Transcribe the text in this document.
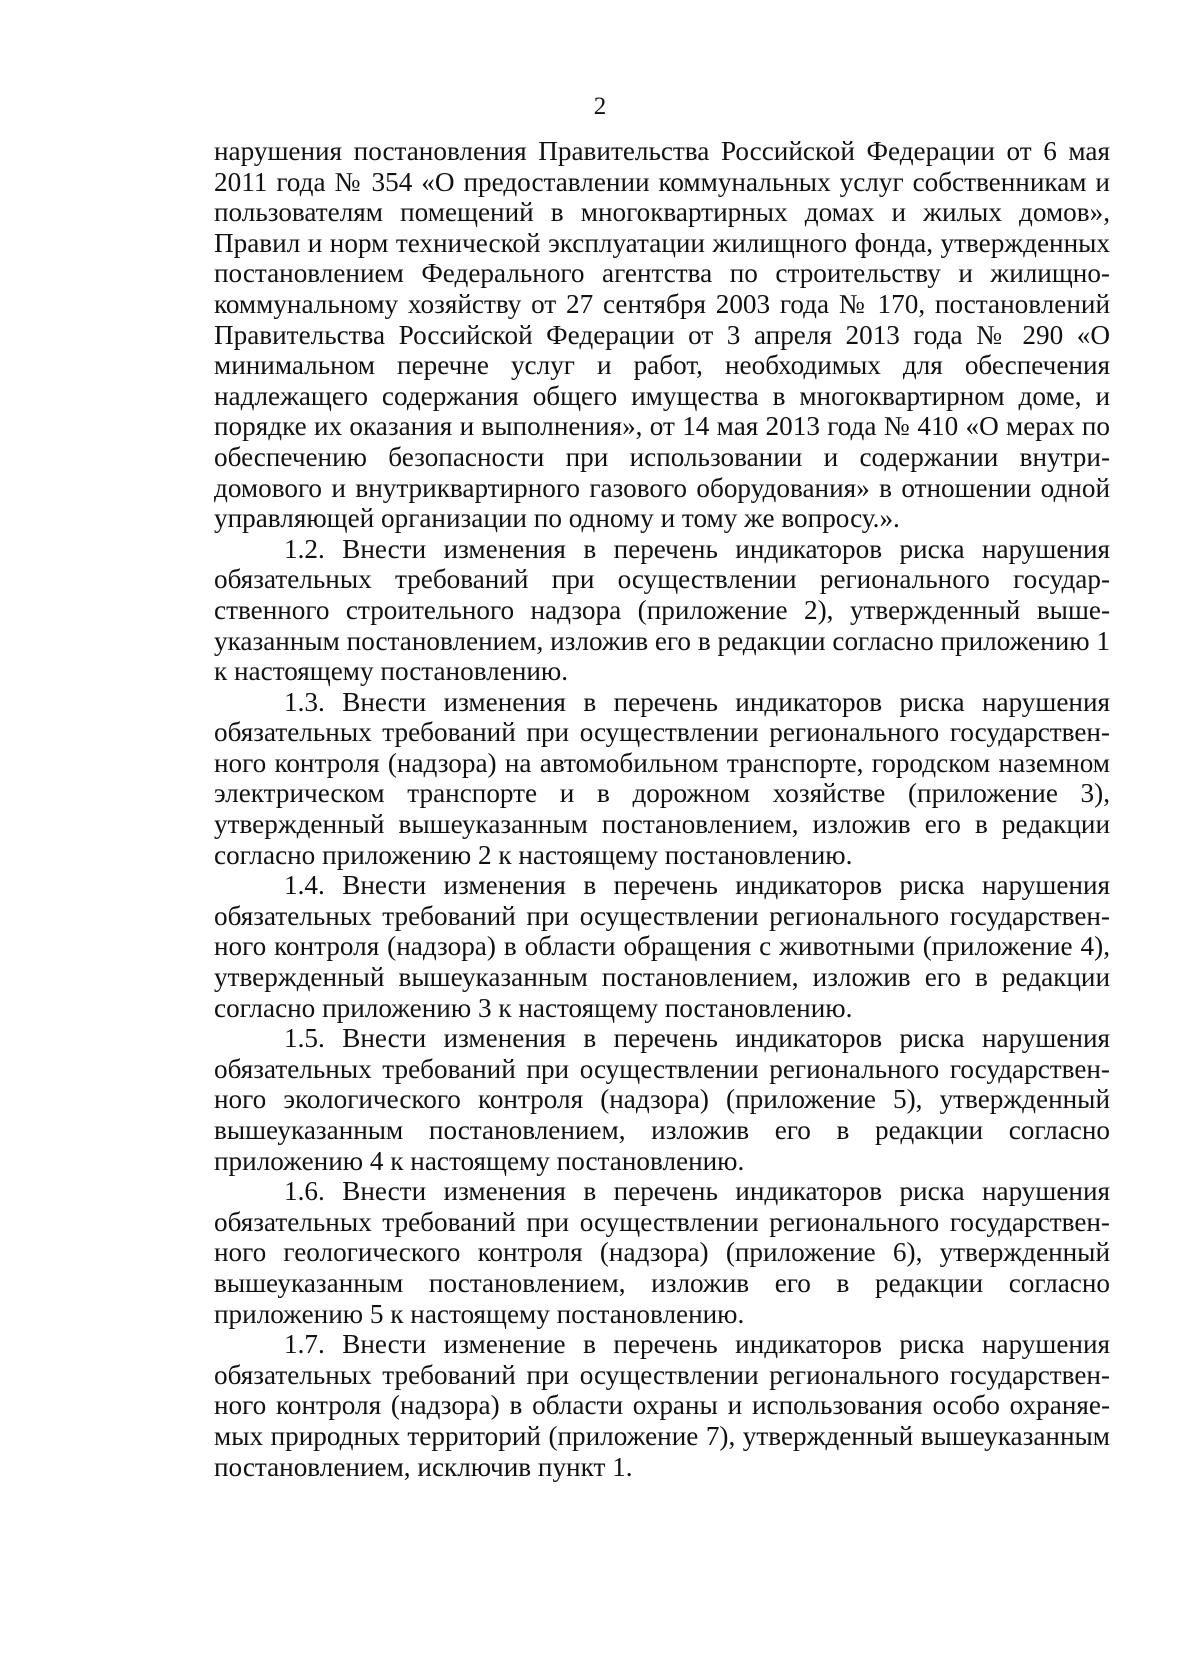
2

нарушения постановления Правительства Российской Федерации от 6 мая 2011 года № 354 «О предоставлении коммунальных услуг собственникам и пользователям помещений в многоквартирных домах и жилых домов», Правил и норм технической эксплуатации жилищного фонда, утвержденных постановлением Федерального агентства по строительству и жилищно-коммунальному хозяйству от 27 сентября 2003 года № 170, постановлений Правительства Российской Федерации от 3 апреля 2013 года № 290 «О минимальном перечне услуг и работ, необходимых для обеспечения надлежащего содержания общего имущества в многоквартирном доме, и порядке их оказания и выполнения», от 14 мая 2013 года № 410 «О мерах по обеспечению безопасности при использовании и содержании внутри-домового и внутриквартирного газового оборудования» в отношении одной управляющей организации по одному и тому же вопросу.».

1.2. Внести изменения в перечень индикаторов риска нарушения обязательных требований при осуществлении регионального государ-ственного строительного надзора (приложение 2), утвержденный выше-указанным постановлением, изложив его в редакции согласно приложению 1 к настоящему постановлению.

1.3. Внести изменения в перечень индикаторов риска нарушения обязательных требований при осуществлении регионального государствен-ного контроля (надзора) на автомобильном транспорте, городском наземном электрическом транспорте и в дорожном хозяйстве (приложение 3), утвержденный вышеуказанным постановлением, изложив его в редакции согласно приложению 2 к настоящему постановлению.

1.4. Внести изменения в перечень индикаторов риска нарушения обязательных требований при осуществлении регионального государствен-ного контроля (надзора) в области обращения с животными (приложение 4), утвержденный вышеуказанным постановлением, изложив его в редакции согласно приложению 3 к настоящему постановлению.

1.5. Внести изменения в перечень индикаторов риска нарушения обязательных требований при осуществлении регионального государствен-ного экологического контроля (надзора) (приложение 5), утвержденный вышеуказанным постановлением, изложив его в редакции согласно приложению 4 к настоящему постановлению.

1.6. Внести изменения в перечень индикаторов риска нарушения обязательных требований при осуществлении регионального государствен-ного геологического контроля (надзора) (приложение 6), утвержденный вышеуказанным постановлением, изложив его в редакции согласно приложению 5 к настоящему постановлению.

1.7. Внести изменение в перечень индикаторов риска нарушения обязательных требований при осуществлении регионального государствен-ного контроля (надзора) в области охраны и использования особо охраняе-мых природных территорий (приложение 7), утвержденный вышеуказанным постановлением, исключив пункт 1.
